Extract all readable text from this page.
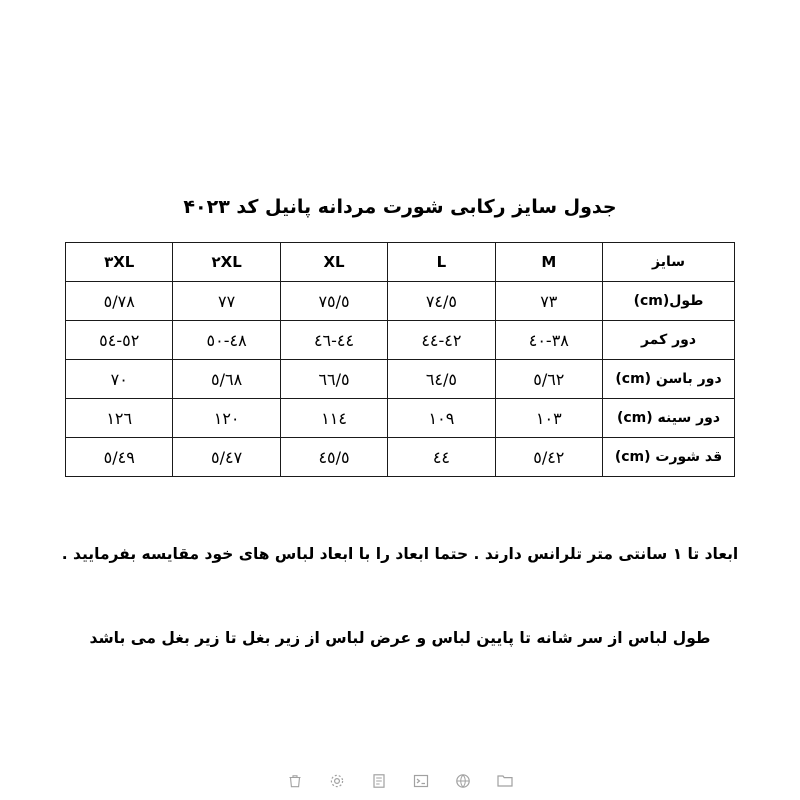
جدول سایز رکابی شورت مردانه پانیل کد ۴۰۲۳
سایز	M	L	XL	۲XL	۳XL
طول(cm)	۷۳	۷٤/٥	۷٥/٥	۷۷	۷۸/٥
دور کمر	۳۸-٤۰	٤۲-٤٤	٤٤-٤٦	٤۸-٥۰	٥۲-٥٤
دور باسن (cm)	٦۲/٥	٦٤/٥	٦٦/٥	٦۸/٥	۷۰
دور سینه (cm)	۱۰۳	۱۰۹	۱۱٤	۱۲۰	۱۲٦
قد شورت (cm)	٤۲/٥	٤٤	٤٥/٥	٤۷/٥	٤۹/٥
ابعاد تا ۱ سانتی متر تلرانس دارند . حتما ابعاد را با ابعاد لباس های خود مقایسه بفرمایید .
طول لباس از سر شانه تا پایین لباس و عرض لباس از زیر بغل تا زیر بغل می باشد
